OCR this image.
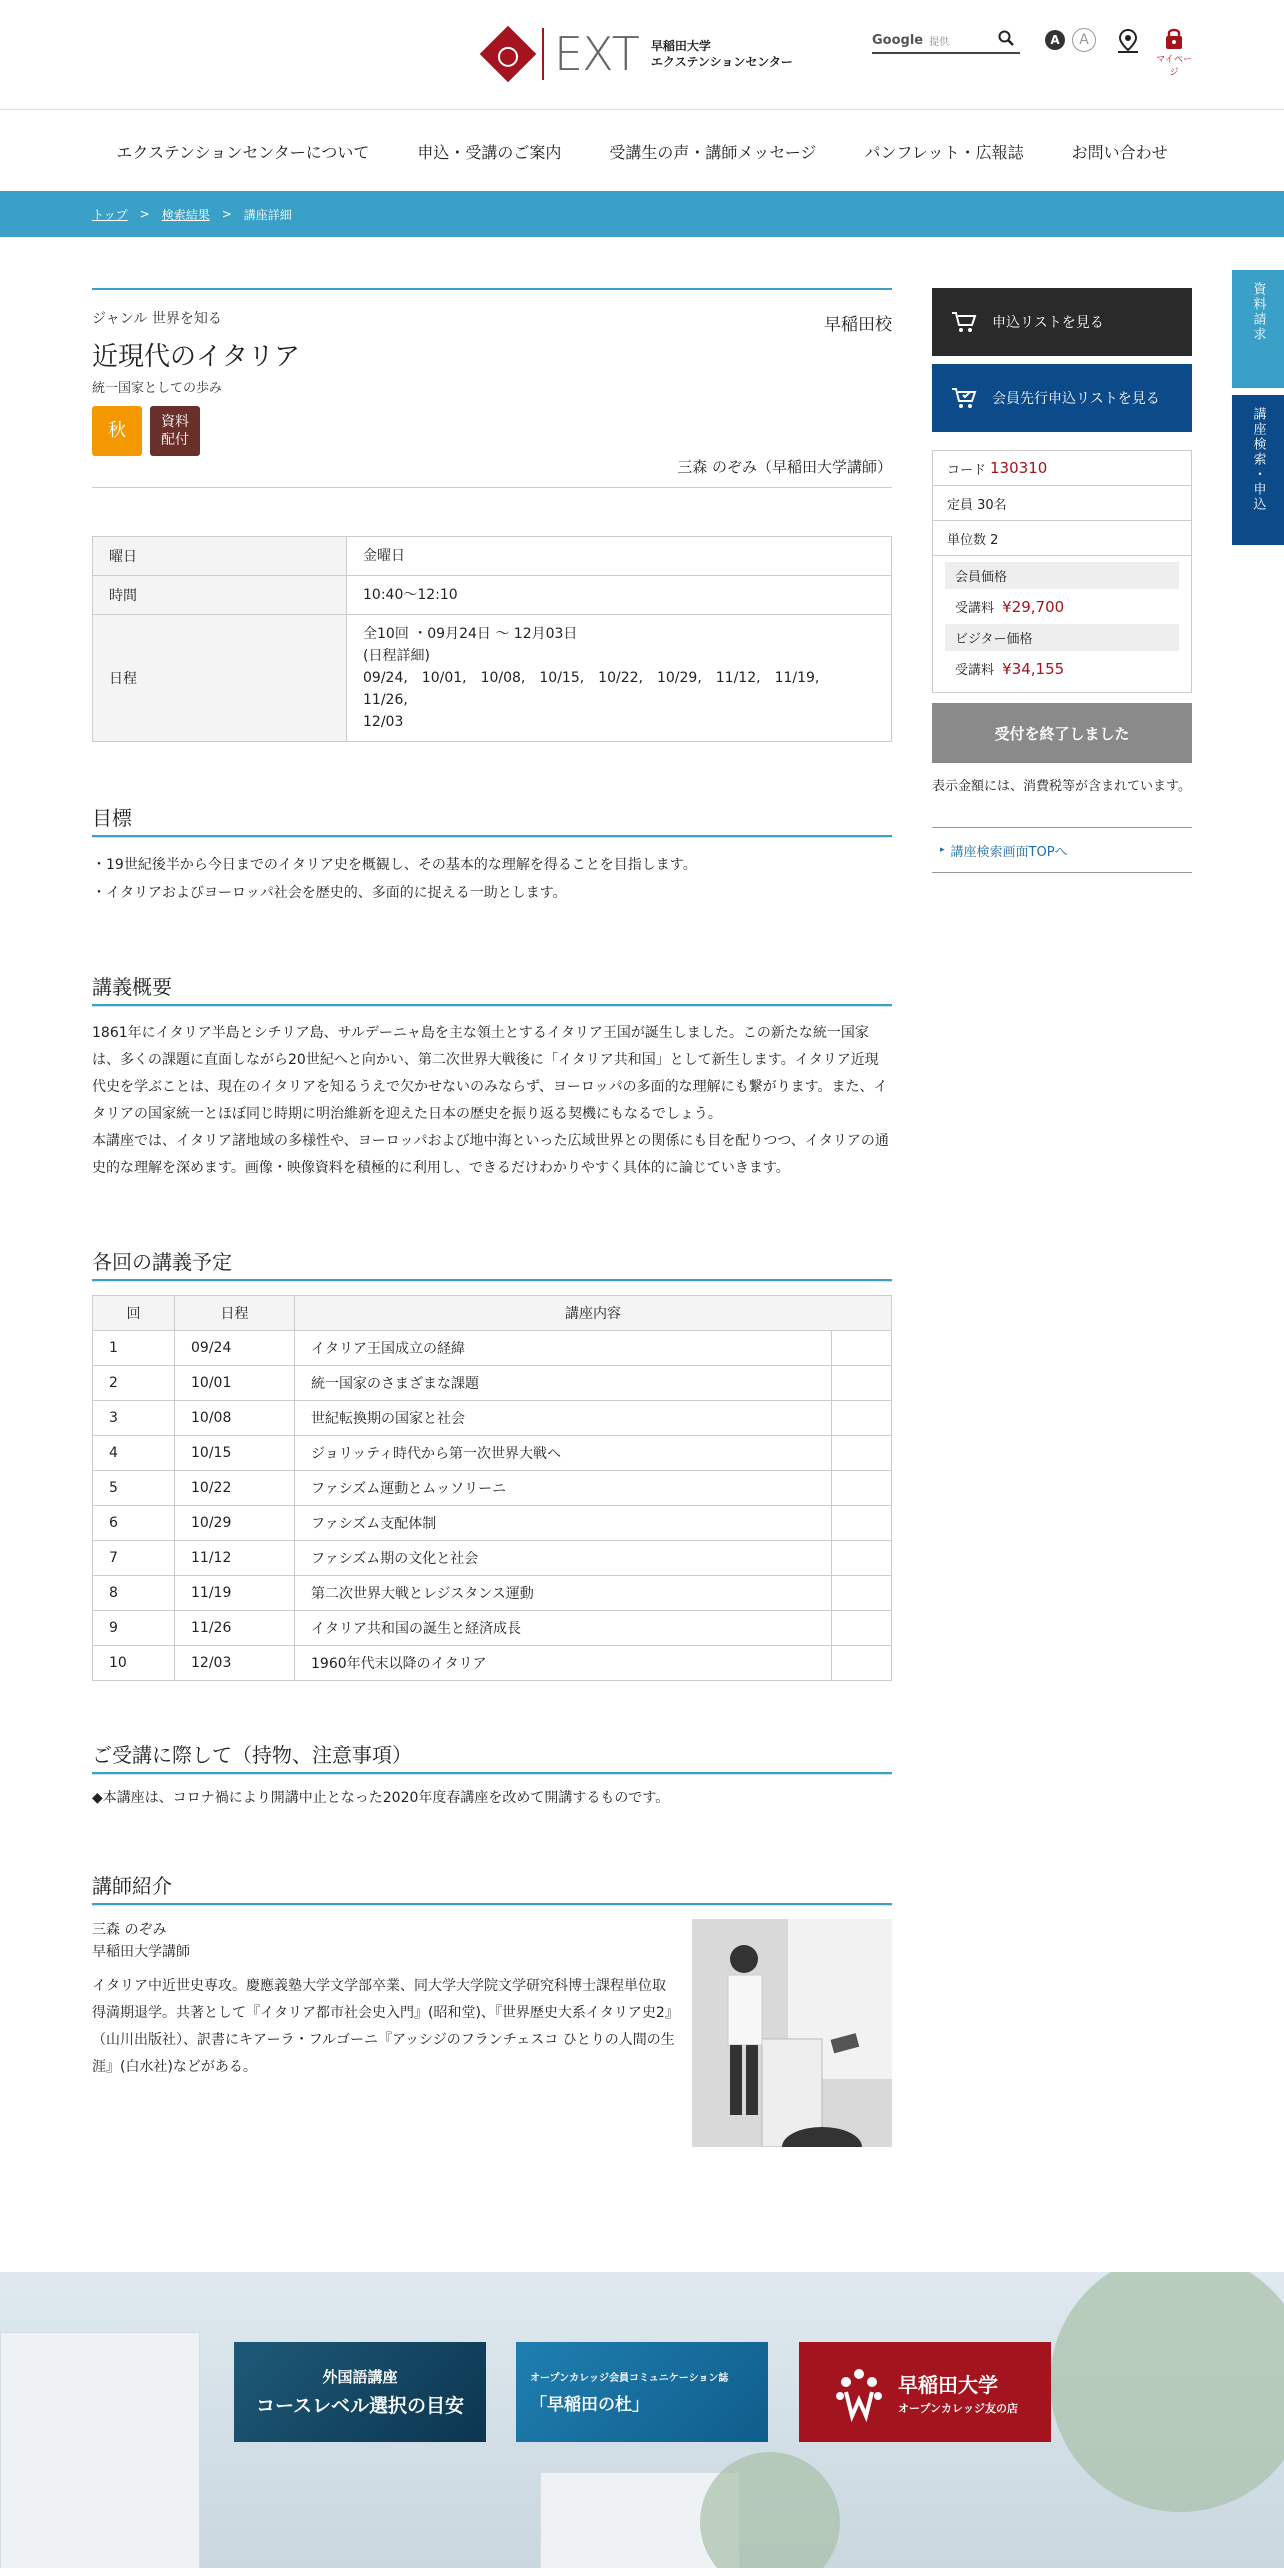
EXT 早稲田大学
エクステンションセンター
Google 提供	A	A
マイページ
エクステンションセンターについて	申込・受講のご案内	受講生の声・講師メッセージ	パンフレット・広報誌	お問い合わせ
トップ > 検索結果 > 講座詳細
資料請求
講座検索・申込
ジャンル 世界を知る	早稲田校
近現代のイタリア
統一国家としての歩み
秋	資料
配付
三森 のぞみ（早稲田大学講師）
曜日	金曜日
時間	10:40～12:10
日程	全10回 ・09月24日 ～ 12月03日
(日程詳細)
09/24,　10/01,　10/08,　10/15,　10/22,　10/29,　11/12,　11/19,　11/26,
12/03
目標

・19世紀後半から今日までのイタリア史を概観し、その基本的な理解を得ることを目指します。
・イタリアおよびヨーロッパ社会を歴史的、多面的に捉える一助とします。

講義概要

1861年にイタリア半島とシチリア島、サルデーニャ島を主な領土とするイタリア王国が誕生しました。この新たな統一国家は、多くの課題に直面しながら20世紀へと向かい、第二次世界大戦後に「イタリア共和国」として新生します。イタリア近現代史を学ぶことは、現在のイタリアを知るうえで欠かせないのみならず、ヨーロッパの多面的な理解にも繋がります。また、イタリアの国家統一とほぼ同じ時期に明治維新を迎えた日本の歴史を振り返る契機にもなるでしょう。
本講座では、イタリア諸地域の多様性や、ヨーロッパおよび地中海といった広域世界との関係にも目を配りつつ、イタリアの通史的な理解を深めます。画像・映像資料を積極的に利用し、できるだけわかりやすく具体的に論じていきます。

各回の講義予定
回	日程	講座内容	
1	09/24	イタリア王国成立の経緯	
2	10/01	統一国家のさまざまな課題	
3	10/08	世紀転換期の国家と社会	
4	10/15	ジョリッティ時代から第一次世界大戦へ	
5	10/22	ファシズム運動とムッソリーニ	
6	10/29	ファシズム支配体制	
7	11/12	ファシズム期の文化と社会	
8	11/19	第二次世界大戦とレジスタンス運動	
9	11/26	イタリア共和国の誕生と経済成長	
10	12/03	1960年代末以降のイタリア	
ご受講に際して（持物、注意事項）

◆本講座は、コロナ禍により開講中止となった2020年度春講座を改めて開講するものです。

講師紹介
三森 のぞみ
早稲田大学講師
イタリア中近世史専攻。慶應義塾大学文学部卒業、同大学大学院文学研究科博士課程単位取得満期退学。共著として『イタリア都市社会史入門』(昭和堂)、『世界歴史大系イタリア史2』（山川出版社）、訳書にキアーラ・フルゴーニ『アッシジのフランチェスコ ひとりの人間の生涯』(白水社)などがある。
申込リストを見る
会員先行申込リストを見る
コード 130310
定員 30名
単位数 2
会員価格
受講料 ¥29,700
ビジター価格
受講料 ¥34,155
受付を終了しました
表示金額には、消費税等が含まれています。
▸ 講座検索画面TOPへ
外国語講座
コースレベル選択の目安
オープンカレッジ会員コミュニケーション誌
「早稲田の杜」
早稲田大学
オープンカレッジ友の店
